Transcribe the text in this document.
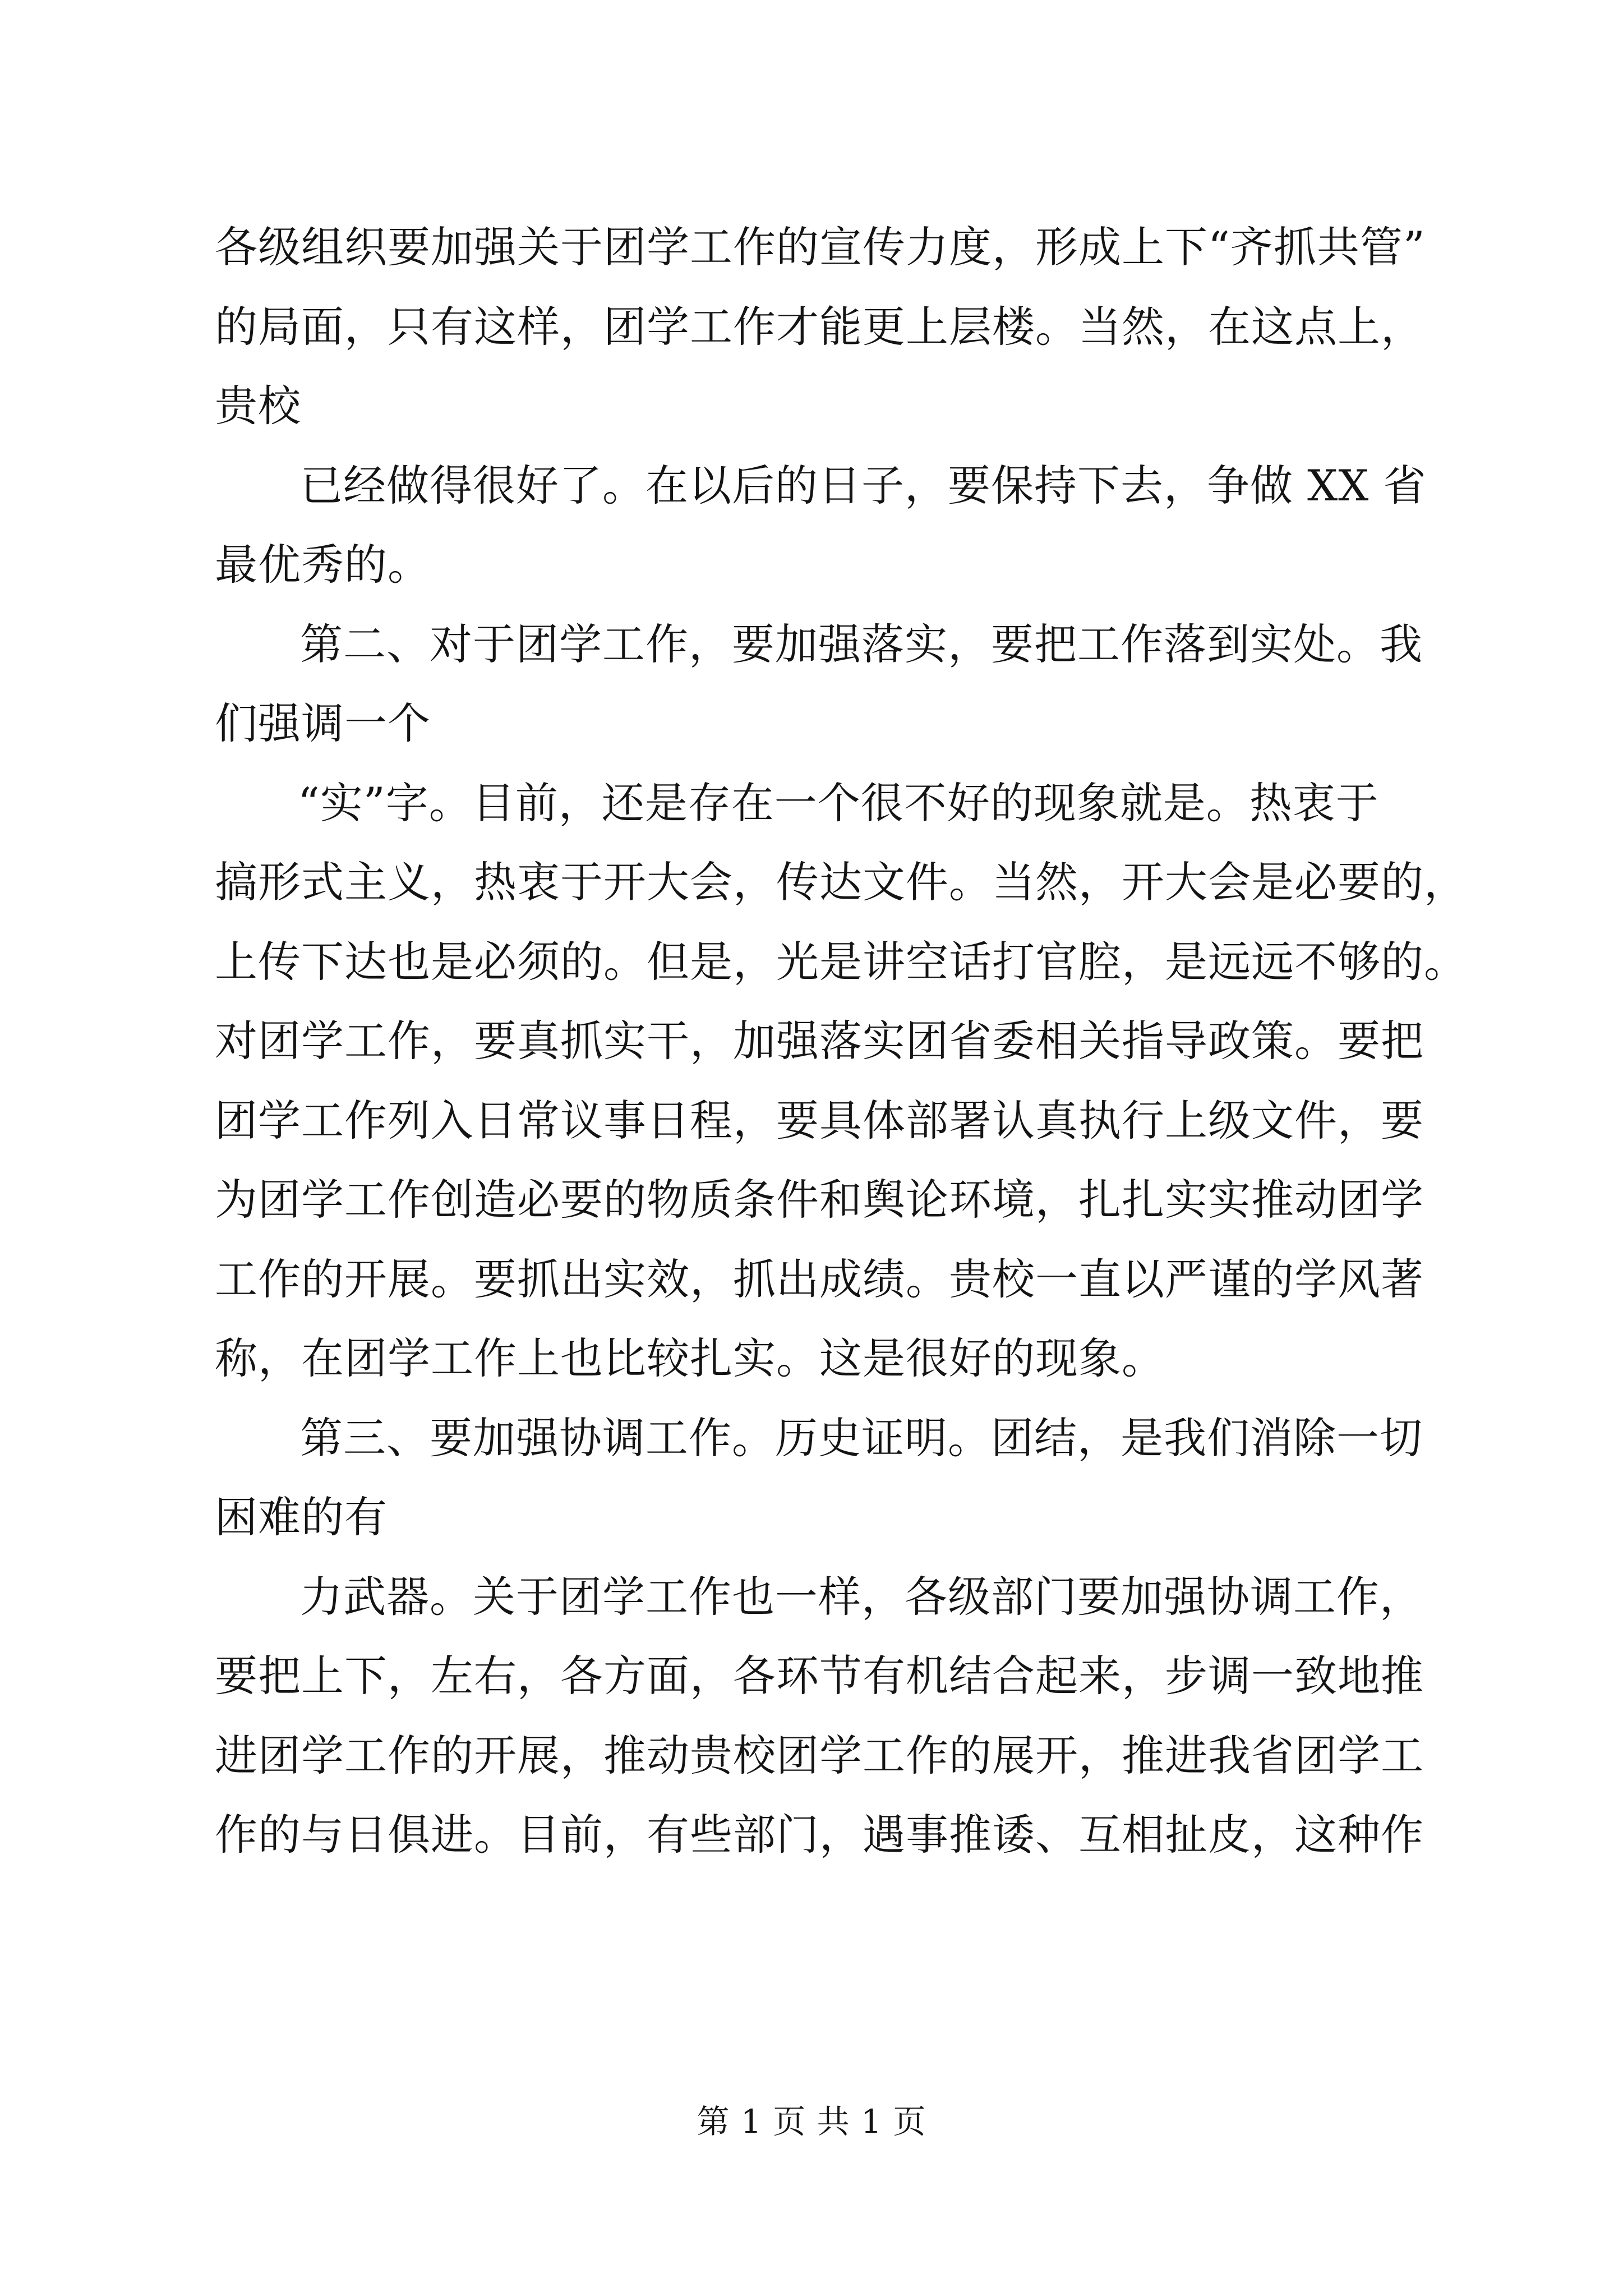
各级组织要加强关于团学工作的宣传力度，形成上下“齐抓共管”
的局面，只有这样，团学工作才能更上层楼。当然，在这点上，
贵校
已经做得很好了。在以后的日子，要保持下去，争做 XX 省
最优秀的。
第二、对于团学工作，要加强落实，要把工作落到实处。我
们强调一个
“实”字。目前，还是存在一个很不好的现象就是。热衷于
搞形式主义，热衷于开大会，传达文件。当然，开大会是必要的，
上传下达也是必须的。但是，光是讲空话打官腔，是远远不够的。
对团学工作，要真抓实干，加强落实团省委相关指导政策。要把
团学工作列入日常议事日程，要具体部署认真执行上级文件，要
为团学工作创造必要的物质条件和舆论环境，扎扎实实推动团学
工作的开展。要抓出实效，抓出成绩。贵校一直以严谨的学风著
称，在团学工作上也比较扎实。这是很好的现象。
第三、要加强协调工作。历史证明。团结，是我们消除一切
困难的有
力武器。关于团学工作也一样，各级部门要加强协调工作，
要把上下，左右，各方面，各环节有机结合起来，步调一致地推
进团学工作的开展，推动贵校团学工作的展开，推进我省团学工
作的与日俱进。目前，有些部门，遇事推诿、互相扯皮，这种作
第 1 页 共 1 页
